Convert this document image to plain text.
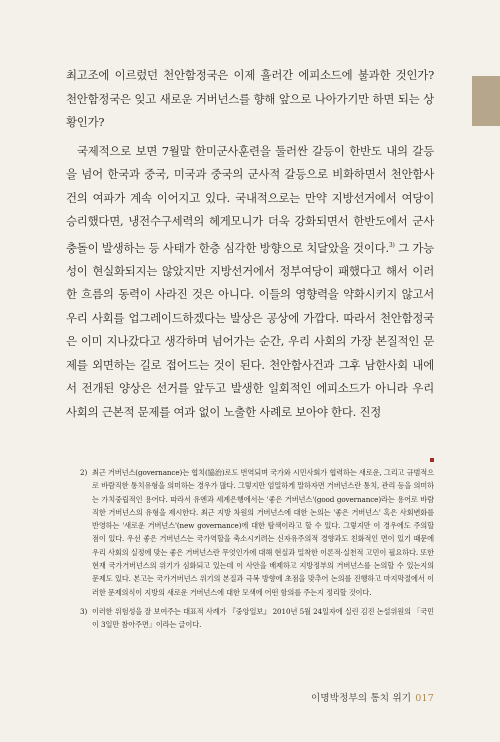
최고조에 이르렀던 천안함정국은 이제 흘러간 에피소드에 불과한 것인가? 천안함정국은 잊고 새로운 거버넌스를 향해 앞으로 나아가기만 하면 되는 상황인가?

국제적으로 보면 7월말 한미군사훈련을 둘러싼 갈등이 한반도 내의 갈등을 넘어 한국과 중국, 미국과 중국의 군사적 갈등으로 비화하면서 천안함사건의 여파가 계속 이어지고 있다. 국내적으로는 만약 지방선거에서 여당이 승리했다면, 냉전수구세력의 헤게모니가 더욱 강화되면서 한반도에서 군사충돌이 발생하는 등 사태가 한층 심각한 방향으로 치달았을 것이다.$^{3)}$ 그 가능성이 현실화되지는 않았지만 지방선거에서 정부여당이 패했다고 해서 이러한 흐름의 동력이 사라진 것은 아니다. 이들의 영향력을 약화시키지 않고서 우리 사회를 업그레이드하겠다는 발상은 공상에 가깝다. 따라서 천안함정국은 이미 지나갔다고 생각하며 넘어가는 순간, 우리 사회의 가장 본질적인 문제를 외면하는 길로 접어드는 것이 된다. 천안함사건과 그후 남한사회 내에서 전개된 양상은 선거를 앞두고 발생한 일회적인 에피소드가 아니라 우리 사회의 근본적 문제를 여과 없이 노출한 사례로 보아야 한다. 진정

2) 최근 거버넌스(governance)는 협치(協治)로도 번역되며 국가와 시민사회가 협력하는 새로운, 그리고 규범적으로 바람직한 통치유형을 의미하는 경우가 많다. 그렇지만 엄밀하게 말하자면 거버넌스란 통치, 관리 등을 의미하는 가치중립적인 용어다. 따라서 유엔과 세계은행에서는 '좋은 거버넌스'(good governance)라는 용어로 바람직한 거버넌스의 유형을 제시한다. 최근 지방 차원의 거버넌스에 대한 논의는 '좋은 거버넌스' 혹은 사회변화를 반영하는 '새로운 거버넌스'(new governance)에 대한 탐색이라고 할 수 있다. 그렇지만 이 경우에도 주의할 점이 있다. 우선 좋은 거버넌스는 국가역할을 축소시키려는 신자유주의적 경향과도 친화적인 면이 있기 때문에 우리 사회의 실정에 맞는 좋은 거버넌스란 무엇인가에 대해 현실과 밀착한 이론적·실천적 고민이 필요하다. 또한 현재 국가거버넌스의 위기가 심화되고 있는데 이 사안을 배제하고 지방정부의 거버넌스를 논의할 수 있는지의 문제도 있다. 본고는 국가거버넌스 위기의 본질과 극복 방향에 초점을 맞추어 논의를 진행하고 마지막절에서 이러한 문제의식이 지방의 새로운 거버넌스에 대한 모색에 어떤 함의를 주는지 정리할 것이다.
3) 이러한 위험성을 잘 보여주는 대표적 사례가 『중앙일보』 2010년 5월 24일자에 실린 김진 논설위원의 「국민이 3일만 참아주면」이라는 글이다.
이명박정부의 통치 위기 017
